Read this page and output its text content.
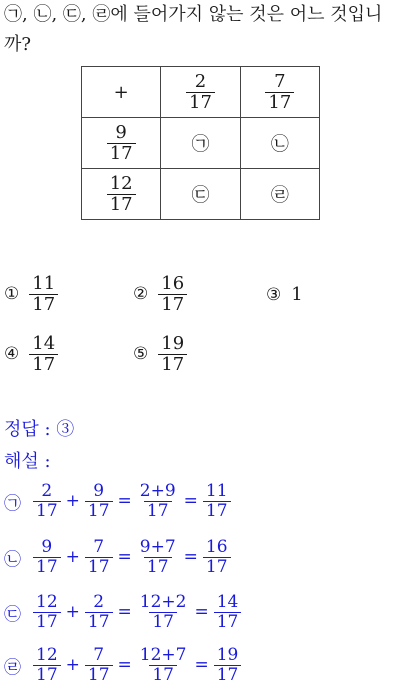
㉠, ㉡, ㉢, ㉣에 들어가지 않는 것은 어느 것입니
까?
+	$\frac{2}{17}$	$\frac{7}{17}$

$\frac{9}{17}$	㉠	㉡

$\frac{12}{17}$	㉢	㉣
① $\frac{11}{17}$	② $\frac{16}{17}$	③ 1
④ $\frac{14}{17}$	⑤ $\frac{19}{17}$
정답 : ③
해설 :
㉠ $\frac{2}{17} + \frac{9}{17} = \frac{2+9}{17} = \frac{11}{17}$
㉡ $\frac{9}{17} + \frac{7}{17} = \frac{9+7}{17} = \frac{16}{17}$
㉢ $\frac{12}{17} + \frac{2}{17} = \frac{12+2}{17} = \frac{14}{17}$
㉣ $\frac{12}{17} + \frac{7}{17} = \frac{12+7}{17} = \frac{19}{17}$
